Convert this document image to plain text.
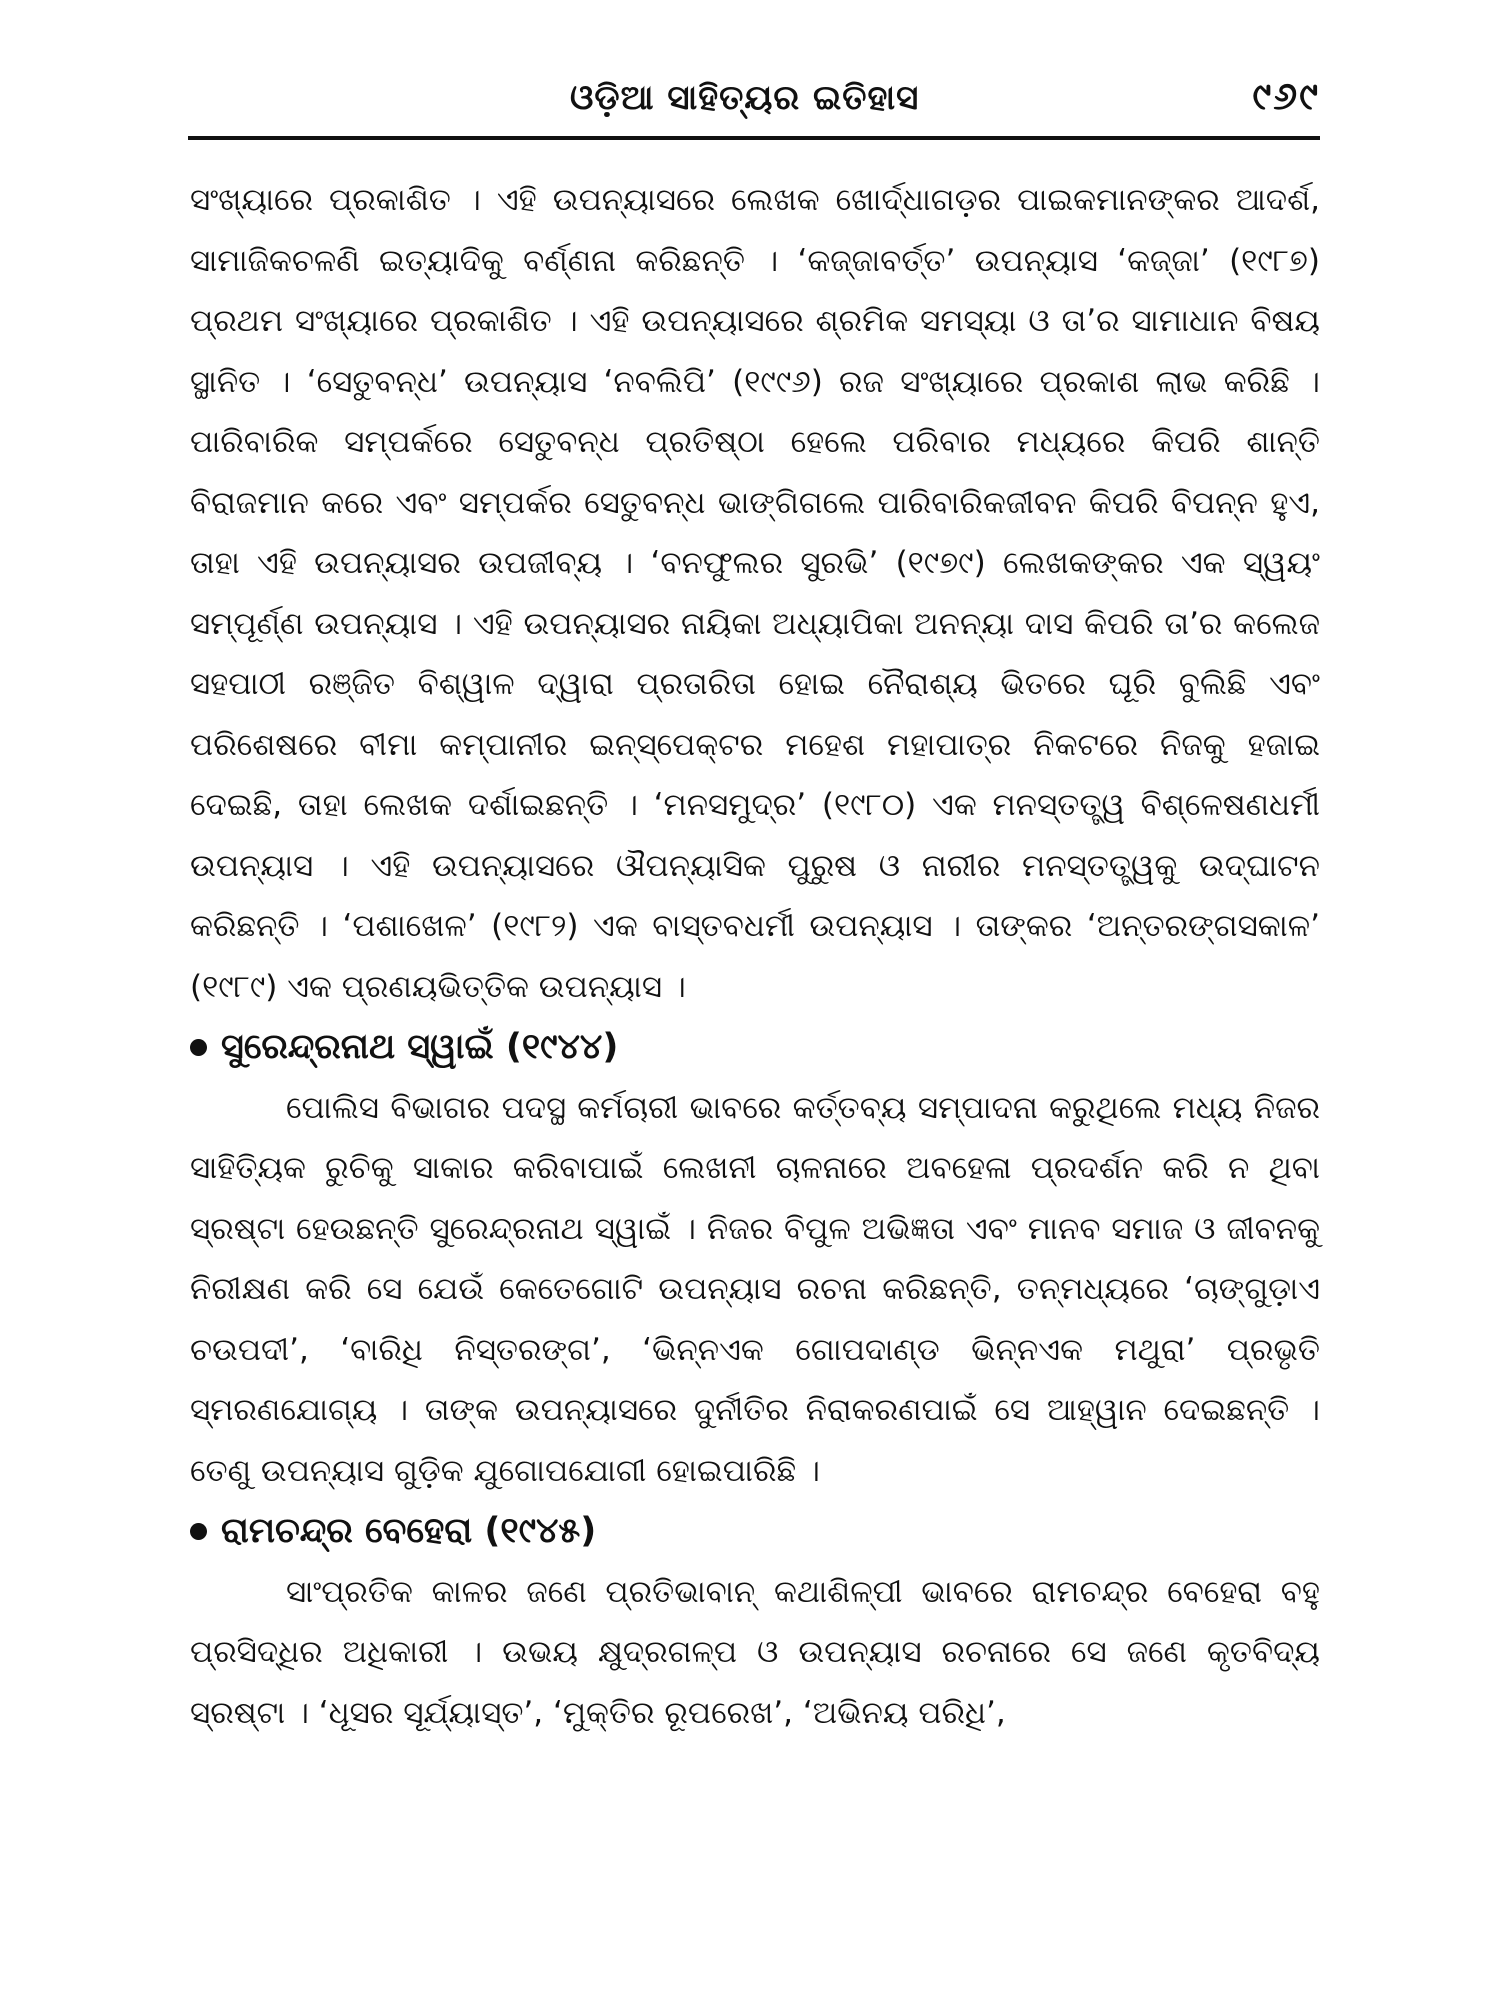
ଓଡ଼ିଆ ସାହିତ୍ୟର ଇତିହାସ	୯୬୯

ସଂଖ୍ୟାରେ ପ୍ରକାଶିତ । ଏହି ଉପନ୍ୟାସରେ ଲେଖକ ଖୋର୍ଦ୍ଧାଗଡ଼ର ପାଇକମାନଙ୍କର ଆଦର୍ଶ, ସାମାଜିକଚଳଣି ଇତ୍ୟାଦିକୁ ବର୍ଣ୍ଣନା କରିଛନ୍ତି । ‘କଜ୍ଜାବର୍ତ୍ତ’ ଉପନ୍ୟାସ ‘କଜ୍ଜା’ (୧୯୮୭) ପ୍ରଥମ ସଂଖ୍ୟାରେ ପ୍ରକାଶିତ । ଏହି ଉପନ୍ୟାସରେ ଶ୍ରମିକ ସମସ୍ୟା ଓ ତା’ର ସାମାଧାନ ବିଷୟ ସ୍ଥାନିତ । ‘ସେତୁବନ୍ଧ’ ଉପନ୍ୟାସ ‘ନବଲିପି’ (୧୯୯୬) ରଜ ସଂଖ୍ୟାରେ ପ୍ରକାଶ ଲାଭ କରିଛି । ପାରିବାରିକ ସମ୍ପର୍କରେ ସେତୁବନ୍ଧ ପ୍ରତିଷ୍ଠା ହେଲେ ପରିବାର ମଧ୍ୟରେ କିପରି ଶାନ୍ତି ବିରାଜମାନ କରେ ଏବଂ ସମ୍ପର୍କର ସେତୁବନ୍ଧ ଭାଙ୍ଗିଗଲେ ପାରିବାରିକଜୀବନ କିପରି ବିପନ୍ନ ହୁଏ, ତାହା ଏହି ଉପନ୍ୟାସର ଉପଜୀବ୍ୟ । ‘ବନଫୁଲର ସୁରଭି’ (୧୯୭୯) ଲେଖକଙ୍କର ଏକ ସ୍ୱୟଂ ସମ୍ପୂର୍ଣ୍ଣ ଉପନ୍ୟାସ । ଏହି ଉପନ୍ୟାସର ନାୟିକା ଅଧ୍ୟାପିକା ଅନନ୍ୟା ଦାସ କିପରି ତା’ର କଲେଜ ସହପାଠୀ ରଞ୍ଜିତ ବିଶ୍ୱାଳ ଦ୍ୱାରା ପ୍ରତାରିତା ହୋଇ ନୈରାଶ୍ୟ ଭିତରେ ଘୂରି ବୁଲିଛି ଏବଂ ପରିଶେଷରେ ବୀମା କମ୍ପାନୀର ଇନ୍‌ସ୍‌ପେକ୍ଟର ମହେଶ ମହାପାତ୍ର ନିକଟରେ ନିଜକୁ ହଜାଇ ଦେଇଛି, ତାହା ଲେଖକ ଦର୍ଶାଇଛନ୍ତି । ‘ମନସମୁଦ୍ର’ (୧୯୮୦) ଏକ ମନସ୍ତତ୍ତ୍ୱ ବିଶ୍ଳେଷଣଧର୍ମୀ ଉପନ୍ୟାସ । ଏହି ଉପନ୍ୟାସରେ ଔପନ୍ୟାସିକ ପୁରୁଷ ଓ ନାରୀର ମନସ୍ତତ୍ତ୍ୱକୁ ଉଦ୍‌ଘାଟନ କରିଛନ୍ତି । ‘ପଶାଖେଳ’ (୧୯୮୨) ଏକ ବାସ୍ତବଧର୍ମୀ ଉପନ୍ୟାସ । ତାଙ୍କର ‘ଅନ୍ତରଙ୍ଗସକାଳ’ (୧୯୮୯) ଏକ ପ୍ରଣୟଭିତ୍ତିକ ଉପନ୍ୟାସ ।

ସୁରେନ୍ଦ୍ରନାଥ ସ୍ୱାଇଁ (୧୯୪୪)

ପୋଲିସ ବିଭାଗର ପଦସ୍ଥ କର୍ମଚାରୀ ଭାବରେ କର୍ତ୍ତବ୍ୟ ସମ୍ପାଦନା କରୁଥିଲେ ମଧ୍ୟ ନିଜର ସାହିତ୍ୟିକ ରୁଚିକୁ ସାକାର କରିବାପାଇଁ ଲେଖନୀ ଚାଳନାରେ ଅବହେଳା ପ୍ରଦର୍ଶନ କରି ନ ଥିବା ସ୍ରଷ୍ଟା ହେଉଛନ୍ତି ସୁରେନ୍ଦ୍ରନାଥ ସ୍ୱାଇଁ । ନିଜର ବିପୁଳ ଅଭିଜ୍ଞତା ଏବଂ ମାନବ ସମାଜ ଓ ଜୀବନକୁ ନିରୀକ୍ଷଣ କରି ସେ ଯେଉଁ କେତେଗୋଟି ଉପନ୍ୟାସ ରଚନା କରିଛନ୍ତି, ତନ୍ମଧ୍ୟରେ ‘ଚାଙ୍ଗୁଡ଼ାଏ ଚଉପଦୀ’, ‘ବାରିଧି ନିସ୍ତରଙ୍ଗ’, ‘ଭିନ୍ନଏକ ଗୋପଦାଣ୍ଡ ଭିନ୍ନଏକ ମଥୁରା’ ପ୍ରଭୃତି ସ୍ମରଣଯୋଗ୍ୟ । ତାଙ୍କ ଉପନ୍ୟାସରେ ଦୁର୍ନୀତିର ନିରାକରଣପାଇଁ ସେ ଆହ୍ୱାନ ଦେଇଛନ୍ତି । ତେଣୁ ଉପନ୍ୟାସ ଗୁଡ଼ିକ ଯୁଗୋପଯୋଗୀ ହୋଇପାରିଛି ।

ରାମଚନ୍ଦ୍ର ବେହେରା (୧୯୪୫)

ସାଂପ୍ରତିକ କାଳର ଜଣେ ପ୍ରତିଭାବାନ୍ କଥାଶିଳ୍ପୀ ଭାବରେ ରାମଚନ୍ଦ୍ର ବେହେରା ବହୁ ପ୍ରସିଦ୍ଧିର ଅଧିକାରୀ । ଉଭୟ କ୍ଷୁଦ୍ରଗଳ୍ପ ଓ ଉପନ୍ୟାସ ରଚନାରେ ସେ ଜଣେ କୃତବିଦ୍ୟ ସ୍ରଷ୍ଟା । ‘ଧୂସର ସୂର୍ଯ୍ୟାସ୍ତ’, ‘ମୁକ୍ତିର ରୂପରେଖ’, ‘ଅଭିନୟ ପରିଧି’,
